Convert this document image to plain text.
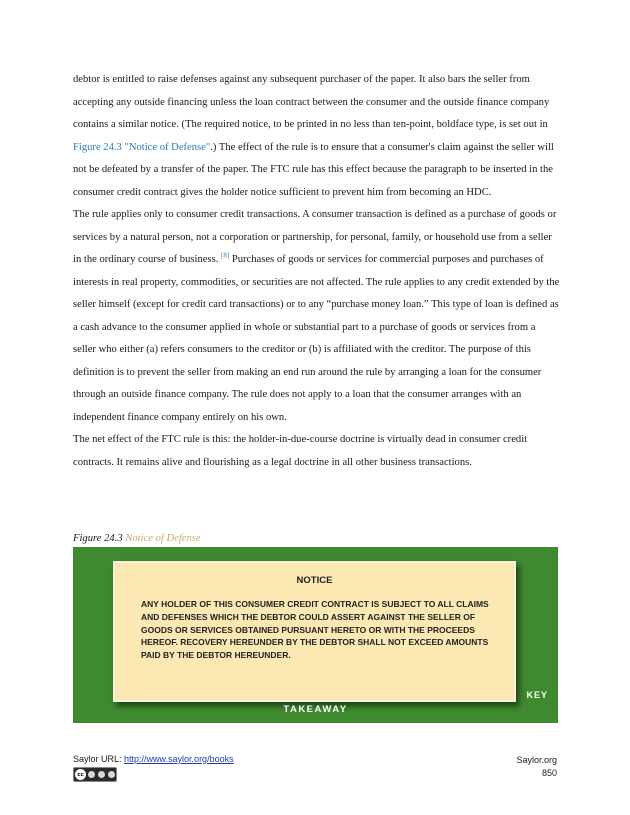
debtor is entitled to raise defenses against any subsequent purchaser of the paper. It also bars the seller from accepting any outside financing unless the loan contract between the consumer and the outside finance company contains a similar notice. (The required notice, to be printed in no less than ten-point, boldface type, is set out in Figure 24.3 "Notice of Defense".) The effect of the rule is to ensure that a consumer's claim against the seller will not be defeated by a transfer of the paper. The FTC rule has this effect because the paragraph to be inserted in the consumer credit contract gives the holder notice sufficient to prevent him from becoming an HDC.

The rule applies only to consumer credit transactions. A consumer transaction is defined as a purchase of goods or services by a natural person, not a corporation or partnership, for personal, family, or household use from a seller in the ordinary course of business. [8] Purchases of goods or services for commercial purposes and purchases of interests in real property, commodities, or securities are not affected. The rule applies to any credit extended by the seller himself (except for credit card transactions) or to any “purchase money loan.” This type of loan is defined as a cash advance to the consumer applied in whole or substantial part to a purchase of goods or services from a seller who either (a) refers consumers to the creditor or (b) is affiliated with the creditor. The purpose of this definition is to prevent the seller from making an end run around the rule by arranging a loan for the consumer through an outside finance company. The rule does not apply to a loan that the consumer arranges with an independent finance company entirely on his own.

The net effect of the FTC rule is this: the holder-in-due-course doctrine is virtually dead in consumer credit contracts. It remains alive and flourishing as a legal doctrine in all other business transactions.

Figure 24.3 Notice of Defense
NOTICE
ANY HOLDER OF THIS CONSUMER CREDIT CONTRACT IS SUBJECT TO ALL CLAIMS AND DEFENSES WHICH THE DEBTOR COULD ASSERT AGAINST THE SELLER OF GOODS OR SERVICES OBTAINED PURSUANT HERETO OR WITH THE PROCEEDS HEREOF. RECOVERY HEREUNDER BY THE DEBTOR SHALL NOT EXCEED AMOUNTS PAID BY THE DEBTOR HEREUNDER.
KEY
TAKEAWAY
Saylor URL: http://www.saylor.org/books
cc
Saylor.org
850
